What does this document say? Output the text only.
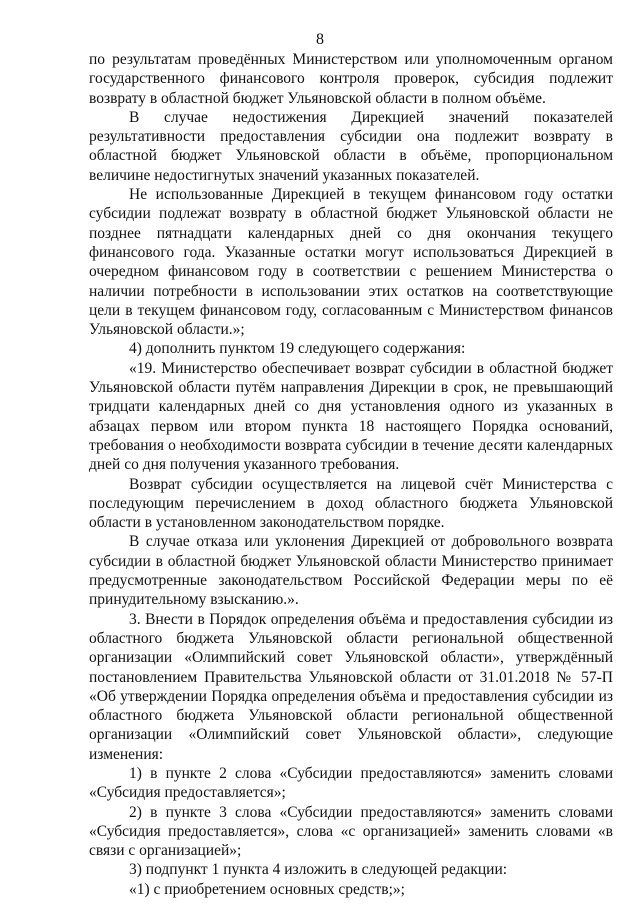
8

по результатам проведённых Министерством или уполномоченным органом государственного финансового контроля проверок, субсидия подлежит возврату в областной бюджет Ульяновской области в полном объёме.

В случае недостижения Дирекцией значений показателей результативности предоставления субсидии она подлежит возврату в областной бюджет Ульяновской области в объёме, пропорциональном величине недостигнутых значений указанных показателей.

Не использованные Дирекцией в текущем финансовом году остатки субсидии подлежат возврату в областной бюджет Ульяновской области не позднее пятнадцати календарных дней со дня окончания текущего финансового года. Указанные остатки могут использоваться Дирекцией в очередном финансовом году в соответствии с решением Министерства о наличии потребности в использовании этих остатков на соответствующие цели в текущем финансовом году, согласованным с Министерством финансов Ульяновской области.»;

4) дополнить пунктом 19 следующего содержания:

«19. Министерство обеспечивает возврат субсидии в областной бюджет Ульяновской области путём направления Дирекции в срок, не превышающий тридцати календарных дней со дня установления одного из указанных в абзацах первом или втором пункта 18 настоящего Порядка оснований, требования о необходимости возврата субсидии в течение десяти календарных дней со дня получения указанного требования.

Возврат субсидии осуществляется на лицевой счёт Министерства с последующим перечислением в доход областного бюджета Ульяновской области в установленном законодательством порядке.

В случае отказа или уклонения Дирекцией от добровольного возврата субсидии в областной бюджет Ульяновской области Министерство принимает предусмотренные законодательством Российской Федерации меры по её принудительному взысканию.».

3. Внести в Порядок определения объёма и предоставления субсидии из областного бюджета Ульяновской области региональной общественной организации «Олимпийский совет Ульяновской области», утверждённый постановлением Правительства Ульяновской области от 31.01.2018 № 57-П «Об утверждении Порядка определения объёма и предоставления субсидии из областного бюджета Ульяновской области региональной общественной организации «Олимпийский совет Ульяновской области», следующие изменения:

1) в пункте 2 слова «Субсидии предоставляются» заменить словами «Субсидия предоставляется»;

2) в пункте 3 слова «Субсидии предоставляются» заменить словами «Субсидия предоставляется», слова «с организацией» заменить словами «в связи с организацией»;

3) подпункт 1 пункта 4 изложить в следующей редакции:

«1) с приобретением основных средств;»;
